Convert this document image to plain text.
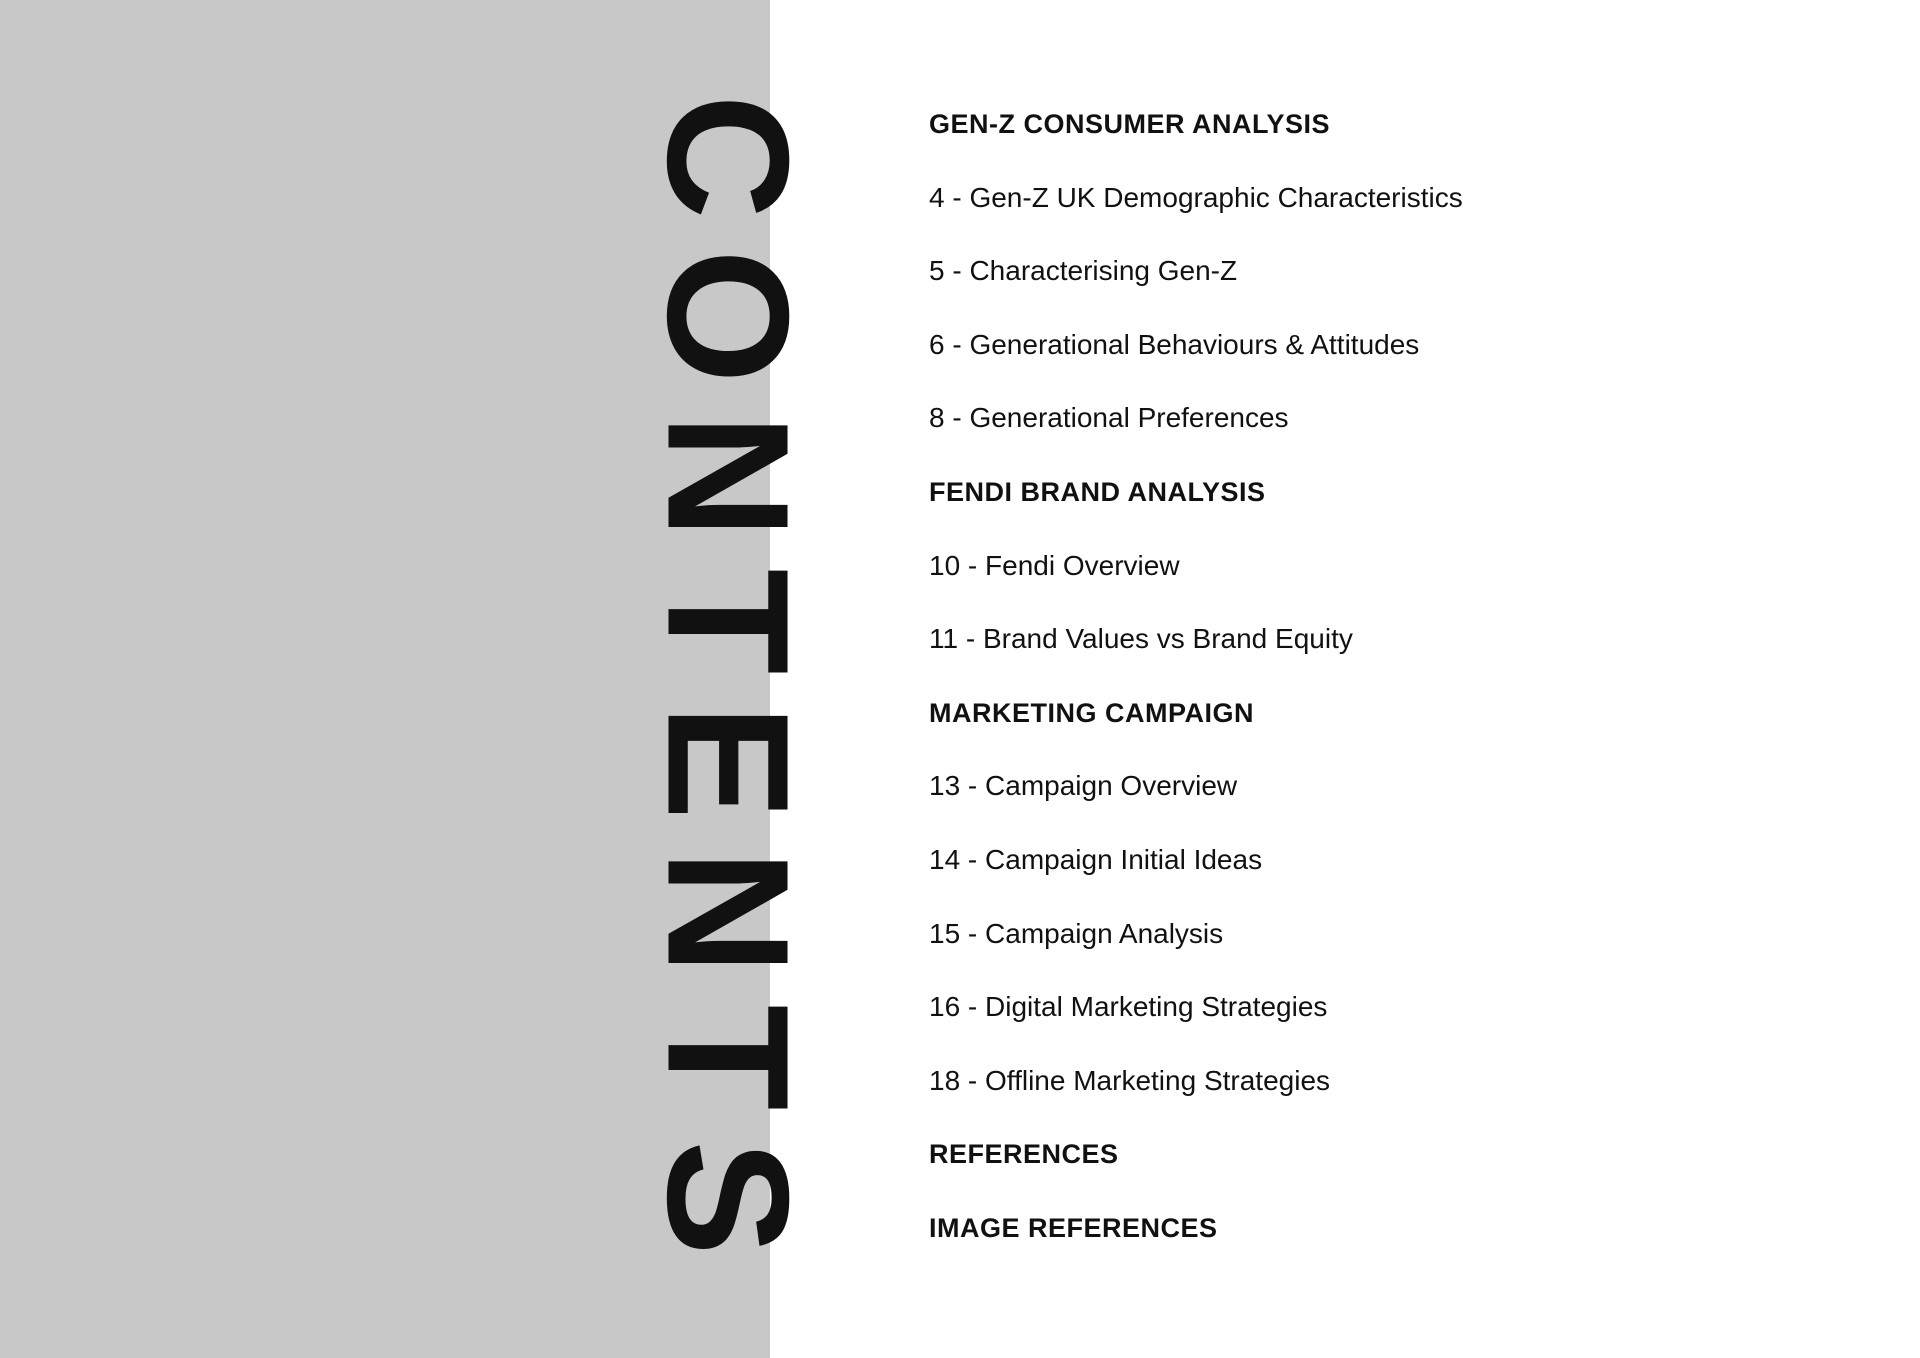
CONTENTS	GEN-Z CONSUMER ANALYSIS
4 - Gen-Z UK Demographic Characteristics
5 - Characterising Gen-Z
6 - Generational Behaviours & Attitudes
8 - Generational Preferences
FENDI BRAND ANALYSIS
10 - Fendi Overview
11 - Brand Values vs Brand Equity
MARKETING CAMPAIGN
13 - Campaign Overview
14 - Campaign Initial Ideas
15 - Campaign Analysis
16 - Digital Marketing Strategies
18 - Offline Marketing Strategies
REFERENCES
IMAGE REFERENCES
